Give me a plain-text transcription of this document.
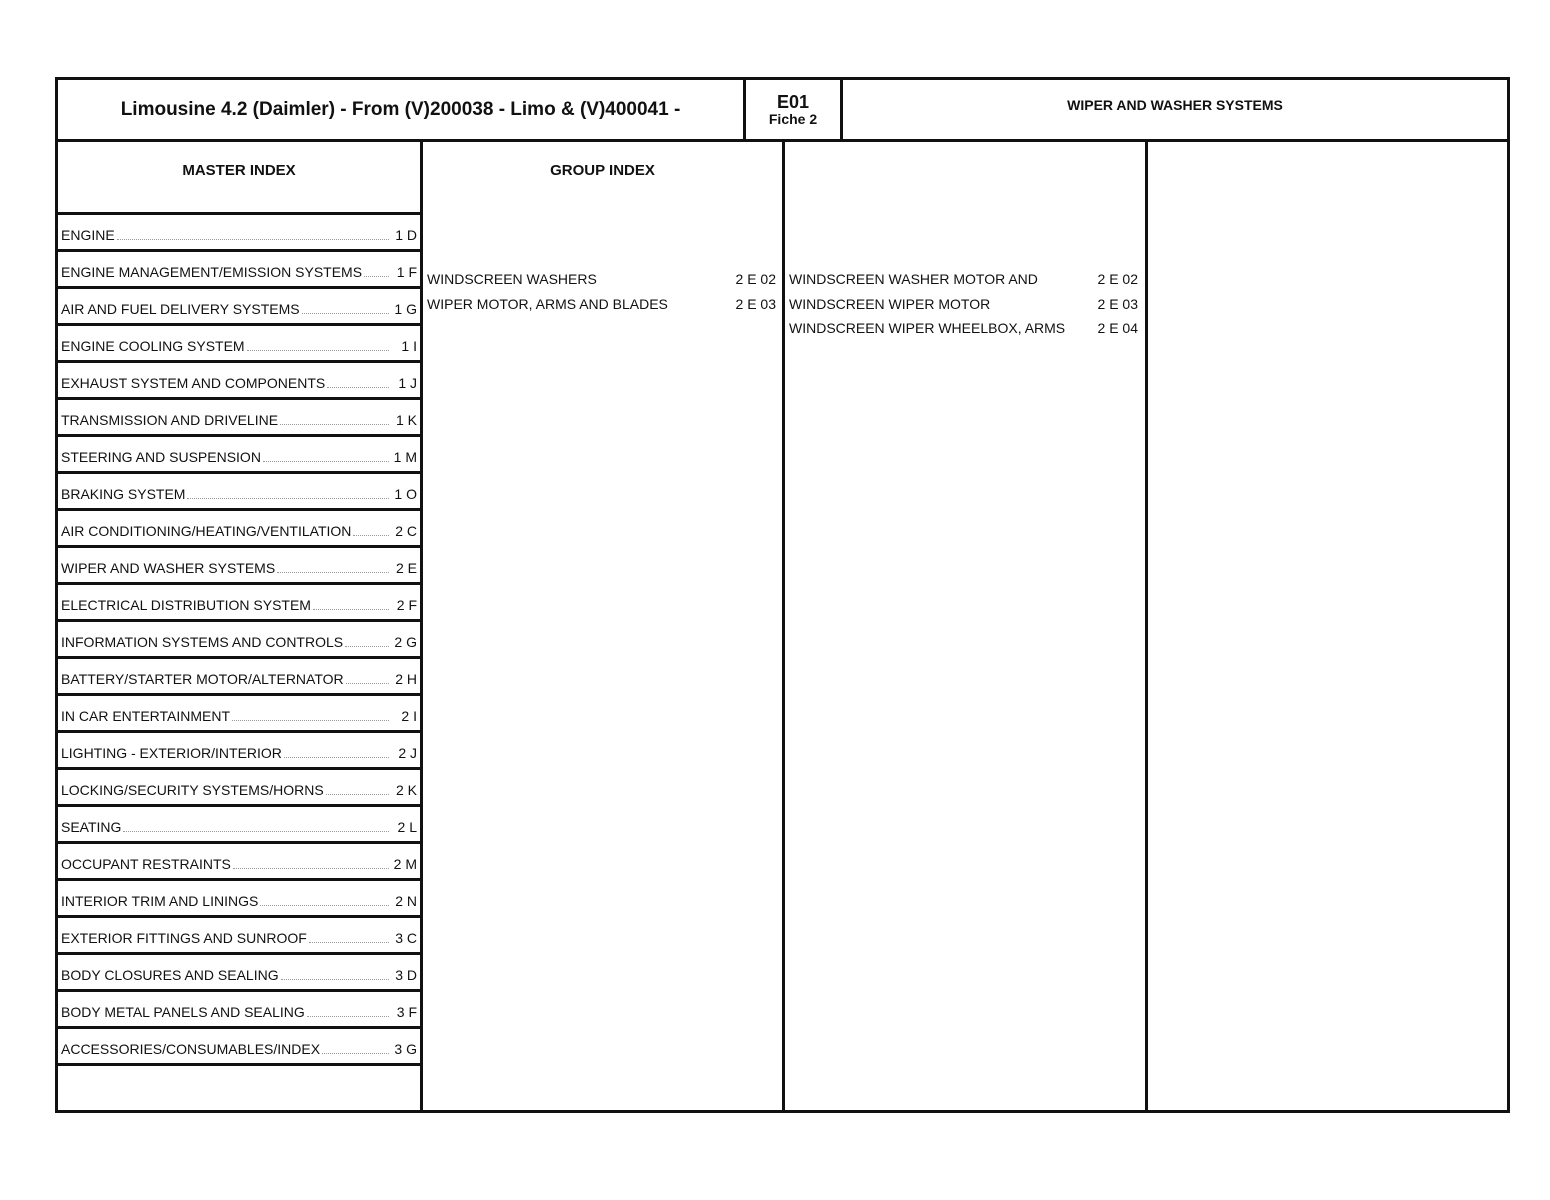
Limousine 4.2 (Daimler) - From (V)200038 - Limo & (V)400041 -	E01
Fiche 2
WIPER AND WASHER SYSTEMS
MASTER INDEX
ENGINE	1 D
ENGINE MANAGEMENT/EMISSION SYSTEMS 1 F
AIR AND FUEL DELIVERY SYSTEMS	1 G
ENGINE COOLING SYSTEM	1 I
EXHAUST SYSTEM AND COMPONENTS	1 J
TRANSMISSION AND DRIVELINE	1 K
STEERING AND SUSPENSION	1 M
BRAKING SYSTEM	1 O
AIR CONDITIONING/HEATING/VENTILATION	2 C
WIPER AND WASHER SYSTEMS	2 E
ELECTRICAL DISTRIBUTION SYSTEM	2 F
INFORMATION SYSTEMS AND CONTROLS	2 G
BATTERY/STARTER MOTOR/ALTERNATOR	2 H
IN CAR ENTERTAINMENT	2 I
LIGHTING - EXTERIOR/INTERIOR	2 J
LOCKING/SECURITY SYSTEMS/HORNS	2 K
SEATING	2 L
OCCUPANT RESTRAINTS	2 M
INTERIOR TRIM AND LININGS	2 N
EXTERIOR FITTINGS AND SUNROOF	3 C
BODY CLOSURES AND SEALING	3 D
BODY METAL PANELS AND SEALING	3 F
ACCESSORIES/CONSUMABLES/INDEX	3 G
GROUP INDEX
WINDSCREEN WASHERS	2 E 02
WIPER MOTOR, ARMS AND BLADES	2 E 03
WINDSCREEN WASHER MOTOR AND	2 E 02
WINDSCREEN WIPER MOTOR	2 E 03
WINDSCREEN WIPER WHEELBOX, ARMS 2 E 04
